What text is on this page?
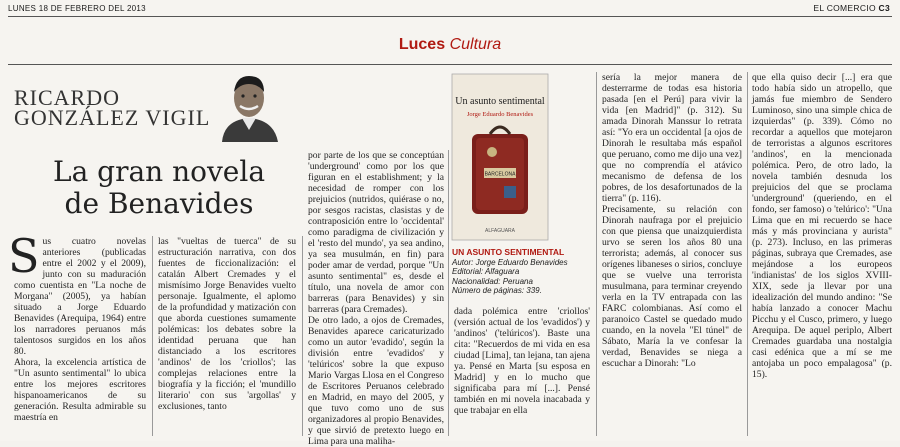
LUNES 18 DE FEBRERO DEL 2013	EL COMERCIO C3
Luces Cultura
RICARDO
GONZÁLEZ VIGIL
La gran novela
de Benavides
S us cuatro novelas anteriores (publicadas entre el 2002 y el 2009), junto con su maduración como cuentista en "La noche de Morgana" (2005), ya habían situado a Jorge Eduardo Benavides (Arequipa, 1964) entre los narradores peruanos más talentosos surgidos en los años 80.
Ahora, la excelencia artística de "Un asunto sentimental" lo ubica entre los mejores escritores hispanoamericanos de su generación. Resulta admirable su maestría en
las "vueltas de tuerca" de su estructuración narrativa, con dos fuentes de ficcionalización: el catalán Albert Cremades y el mismísimo Jorge Benavides vuelto personaje. Igualmente, el aplomo de la profundidad y matización con que aborda cuestiones sumamente polémicas: los debates sobre la identidad peruana que han distanciado a los escritores 'andinos' de los 'criollos'; las complejas relaciones entre la biografía y la ficción; el 'mundillo literario' con sus 'argollas' y exclusiones, tanto
por parte de los que se conceptúan 'underground' como por los que figuran en el establishment; y la necesidad de romper con los prejuicios (nutridos, quiérase o no, por sesgos racistas, clasistas y de contraposición entre lo 'occidental' como paradigma de civilización y el 'resto del mundo', ya sea andino, ya sea musulmán, en fin) para poder amar de verdad, porque "Un asunto sentimental" es, desde el título, una novela de amor con barreras (para Benavides) y sin barreras (para Cremades).
De otro lado, a ojos de Cremades, Benavides aparece caricaturizado como un autor 'evadido', según la división entre 'evadidos' y 'telúricos' sobre la que expuso Mario Vargas Llosa en el Congreso de Escritores Peruanos celebrado en Madrid, en mayo del 2005, y que tuvo como uno de sus organizadores al propio Benavides, y que sirvió de pretexto luego en Lima para una maliha-
Un asunto sentimental
Jorge Eduardo Benavides
BARCELONA
ALFAGUARA
UN ASUNTO SENTIMENTAL
Autor: Jorge Eduardo Benavides
Editorial: Alfaguara
Nacionalidad: Peruana
Número de páginas: 339.
dada polémica entre 'criollos' (versión actual de los 'evadidos') y 'andinos' ('telúricos'). Baste una cita: "Recuerdos de mi vida en esa ciudad [Lima], tan lejana, tan ajena ya. Pensé en Marta [su esposa en Madrid] y en lo mucho que significaba para mí [...]. Pensé también en mi novela inacabada y que trabajar en ella
sería la mejor manera de desterrarme de todas esa historia pasada [en el Perú] para vivir la vida [en Madrid]" (p. 312). Su amada Dinorah Manssur lo retrata así: "Yo era un occidental [a ojos de Dinorah le resultaba más español que peruano, como me dijo una vez] que no comprendía el atávico mecanismo de defensa de los pobres, de los desafortunados de la tierra" (p. 116).
Precisamente, su relación con Dinorah naufraga por el prejuicio con que piensa que unaizquierdista urvo se seren los años 80 una terrorista; además, al conocer sus orígenes libaneses o sirios, concluye que se vuelve una terrorista musulmana, para terminar creyendo verla en la TV entrapada con las FARC colombianas. Así como el paranoico Castel se quedado mudo cuando, en la novela "El túnel" de Sábato, María la ve confesar la verdad, Benavides se niega a escuchar a Dinorah: "Lo
que ella quiso decir [...] era que todo había sido un atropello, que jamás fue miembro de Sendero Luminoso, sino una simple chica de izquierdas" (p. 339). Cómo no recordar a aquellos que motejaron de terroristas a algunos escritores 'andinos', en la mencionada polémica. Pero, de otro lado, la novela también desnuda los prejuicios del que se proclama 'underground' (queriendo, en el fondo, ser famoso) o 'telúrico': "Una Lima que en mi recuerdo se hace más y más provinciana y aurista" (p. 273). Incluso, en las primeras páginas, subraya que Cremades, ase mejándose a los europeos 'indianistas' de los siglos XVIII-XIX, sede ja llevar por una idealización del mundo andino: "Se había lanzado a conocer Machu Picchu y el Cusco, primero, y luego Arequipa. De aquel periplo, Albert Cremades guardaba una nostalgia casi edénica que a mí se me antojaba un poco empalagosa" (p. 15).
